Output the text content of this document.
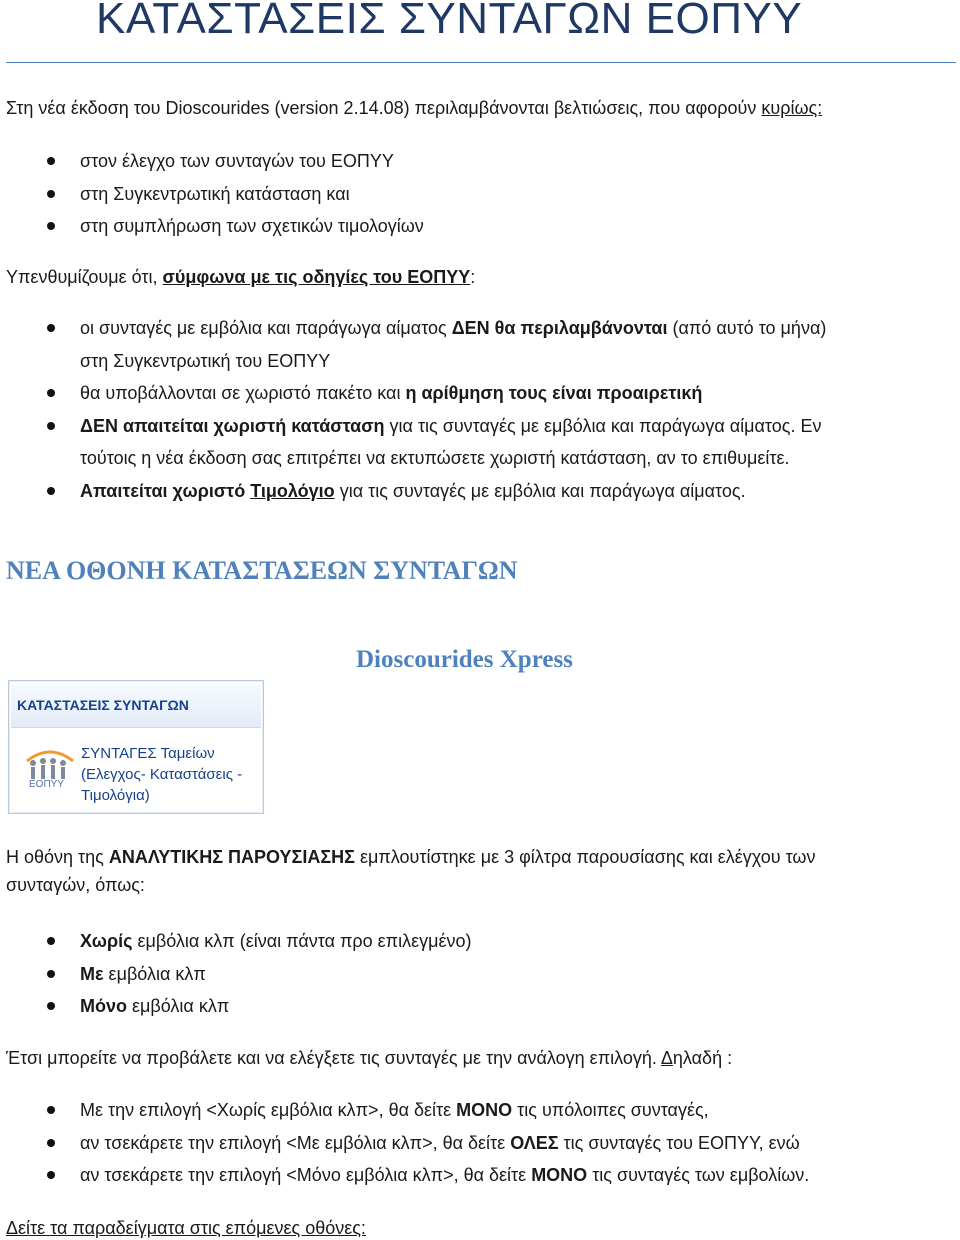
ΚΑΤΑΣΤΑΣΕΙΣ ΣΥΝΤΑΓΩΝ ΕΟΠΥΥ
Στη νέα έκδοση του Dioscourides (version 2.14.08) περιλαμβάνονται βελτιώσεις, που αφορούν κυρίως:
στον έλεγχο των συνταγών του ΕΟΠΥΥ
στη Συγκεντρωτική κατάσταση και
στη συμπλήρωση των σχετικών τιμολογίων
Υπενθυμίζουμε ότι, σύμφωνα με τις οδηγίες του ΕΟΠΥΥ:
οι συνταγές με εμβόλια και παράγωγα αίματος ΔΕΝ θα περιλαμβάνονται (από αυτό το μήνα)
στη Συγκεντρωτική του ΕΟΠΥΥ
θα υποβάλλονται σε χωριστό πακέτο και η αρίθμηση τους είναι προαιρετική
ΔΕΝ απαιτείται χωριστή κατάσταση για τις συνταγές με εμβόλια και παράγωγα αίματος. Εν
τούτοις η νέα έκδοση σας επιτρέπει να εκτυπώσετε χωριστή κατάσταση, αν το επιθυμείτε.
Απαιτείται χωριστό Τιμολόγιο για τις συνταγές με εμβόλια και παράγωγα αίματος.
ΝΕΑ ΟΘΟΝΗ ΚΑΤΑΣΤΑΣΕΩΝ ΣΥΝΤΑΓΩΝ
Dioscourides Xpress
ΚΑΤΑΣΤΑΣΕΙΣ ΣΥΝΤΑΓΩΝ
ΕΟΠΥΥ
ΣΥΝΤΑΓΕΣ Ταμείων (Ελεγχος- Καταστάσεις - Τιμολόγια)
Η οθόνη της ΑΝΑΛΥΤΙΚΗΣ ΠΑΡΟΥΣΙΑΣΗΣ εμπλουτίστηκε με 3 φίλτρα παρουσίασης και ελέγχου των
συνταγών, όπως:
Χωρίς εμβόλια κλπ (είναι πάντα προ επιλεγμένο)
Με εμβόλια κλπ
Μόνο εμβόλια κλπ
Έτσι μπορείτε να προβάλετε και να ελέγξετε τις συνταγές με την ανάλογη επιλογή. Δηλαδή :
Με την επιλογή <Χωρίς εμβόλια κλπ>, θα δείτε ΜΟΝΟ τις υπόλοιπες συνταγές,
αν τσεκάρετε την επιλογή <Με εμβόλια κλπ>, θα δείτε ΟΛΕΣ τις συνταγές του ΕΟΠΥΥ, ενώ
αν τσεκάρετε την επιλογή <Μόνο εμβόλια κλπ>, θα δείτε ΜΟΝΟ τις συνταγές των εμβολίων.
Δείτε τα παραδείγματα στις επόμενες οθόνες:
